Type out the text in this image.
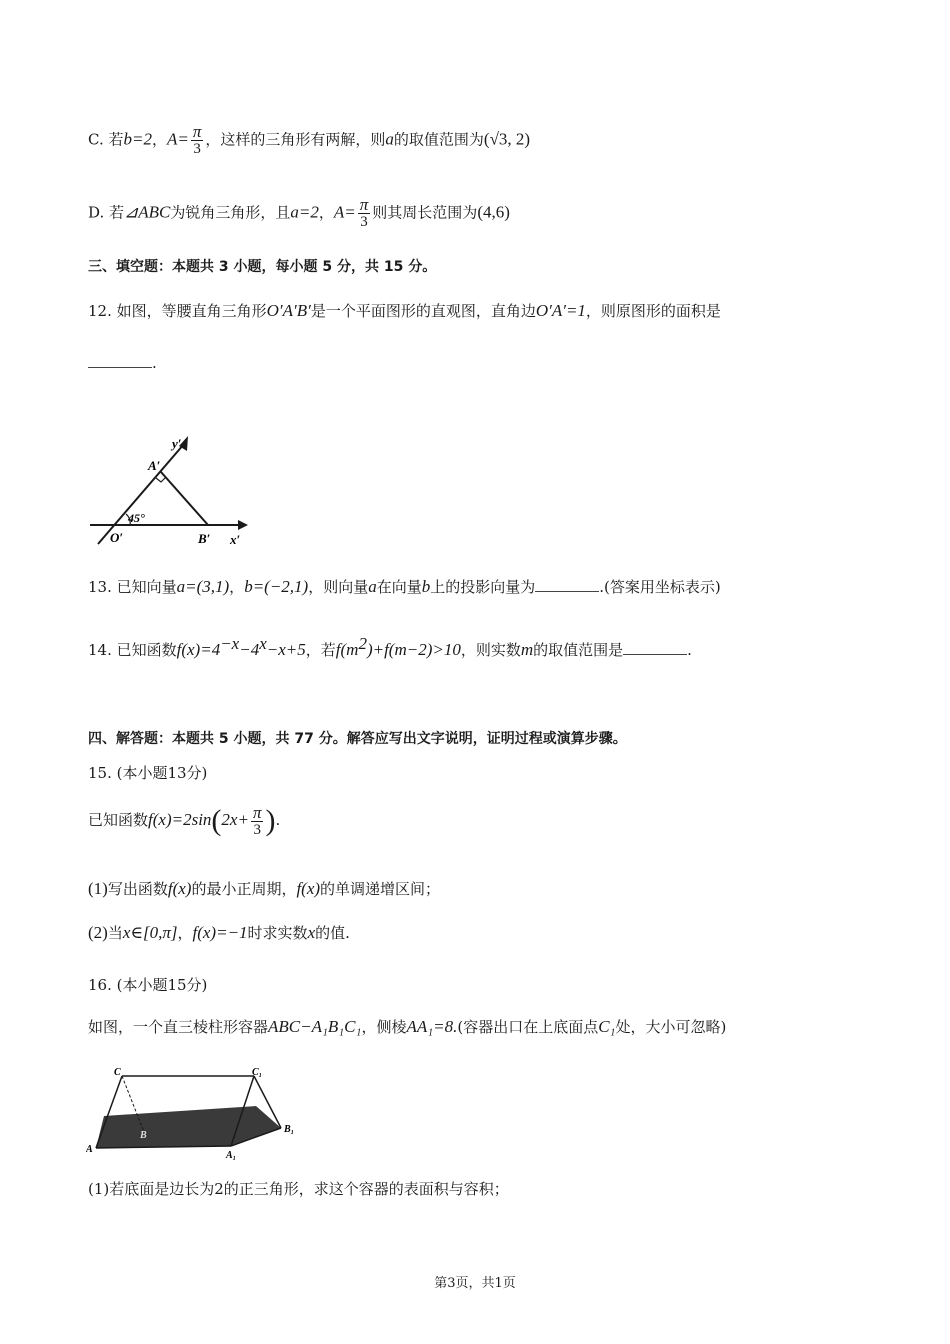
C. 若b=2，$A= \frac{\pi}{3}$ ，这样的三角形有两解，则a的取值范围为(√3, 2)
D. 若⊿ABC为锐角三角形，且a=2，$A= \frac{\pi}{3}$ 则其周长范围为(4,6)
三、填空题：本题共 3 小题，每小题 5 分，共 15 分。
12. 如图，等腰直角三角形O′A′B′是一个平面图形的直观图，直角边O′A′=1，则原图形的面积是
.
y′
A′
45°
O′	B′ x′
13. 已知向量a=(3,1)，b=(−2,1)，则向量a在向量b上的投影向量为	.(答案用坐标表示)
14. 已知函数$f(x)=4^{-x}-4^x-x+5$，若$f(m^2)+f(m-2)>10$，则实数m的取值范围是	.
四、解答题：本题共 5 小题，共 77 分。解答应写出文字说明，证明过程或演算步骤。
15. (本小题13分)
已知函数$f(x)=2\sin(2x+ \frac{\pi}{3}$ ).
(1)写出函数f(x)的最小正周期，f(x)的单调递增区间；
(2)当x∈[0,π]，f(x)=−1时求实数x的值.
16. (本小题15分)
如图，一个直三棱柱形容器ABC−A₁B₁C₁，侧棱AA₁=8.(容器出口在上底面点C₁处，大小可忽略)
C	C₁
B
B₁
A
A₁
(1)若底面是边长为2的正三角形，求这个容器的表面积与容积；
第3页，共1页
